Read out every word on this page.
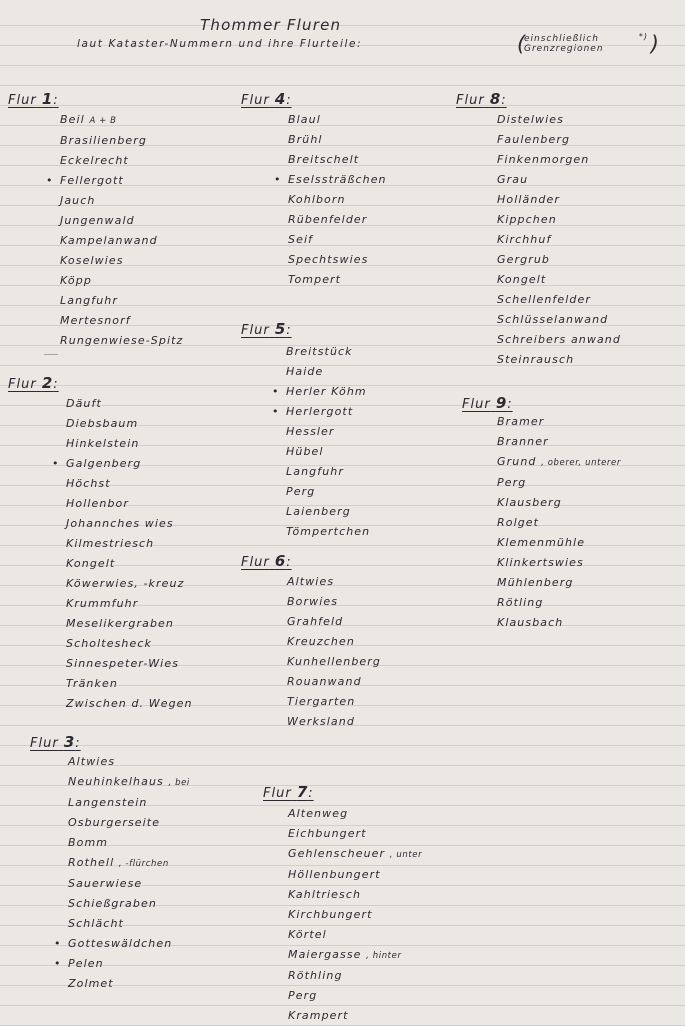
Thommer Fluren
laut Kataster-Nummern und ihre Flurteile:	(
einschließlich
Grenzregionen
*) )
Flur 1:
Beil A + B
Brasilienberg
Eckelrecht
• Fellergott
Jauch
Jungenwald
Kampelanwand
Koselwies
Köpp
Langfuhr
Mertesnorf
Rungenwiese-Spitz
Flur 2:
Däuft
Diebsbaum
Hinkelstein
• Galgenberg
Höchst
Hollenbor
Johannches wies
Kilmestriesch
Kongelt
Köwerwies, -kreuz
Krummfuhr
Meselikergraben
Scholtesheck
Sinnespeter-Wies
Tränken
Zwischen d. Wegen
Flur 3:
Altwies
Neuhinkelhaus , bei
Langenstein
Osburgerseite
Bomm
Rothell , -flürchen
Sauerwiese
Schießgraben
Schlächt
• Gotteswäldchen
• Pelen
Zolmet
Flur 4:
Blaul
Brühl
Breitschelt
• Eselssträßchen
Kohlborn
Rübenfelder
Seif
Spechtswies
Tompert
Flur 5:
Breitstück
Haide
• Herler Köhm
• Herlergott
Hessler
Hübel
Langfuhr
Perg
Laienberg
Tömpertchen
Flur 6:
Altwies
Borwies
Grahfeld
Kreuzchen
Kunhellenberg
Rouanwand
Tiergarten
Werksland
Flur 7:
Altenweg
Eichbungert
Gehlenscheuer , unter
Höllenbungert
Kahltriesch
Kirchbungert
Körtel
Maiergasse , hinter
Röthling
Perg
Krampert
Flur 8:
Distelwies
Faulenberg
Finkenmorgen
Grau
Holländer
Kippchen
Kirchhuf
Gergrub
Kongelt
Schellenfelder
Schlüsselanwand
Schreibers anwand
Steinrausch
Flur 9:
Bramer
Branner
Grund , oberer, unterer
Perg
Klausberg
Rolget
Klemenmühle
Klinkertswies
Mühlenberg
Rötling
Klausbach
